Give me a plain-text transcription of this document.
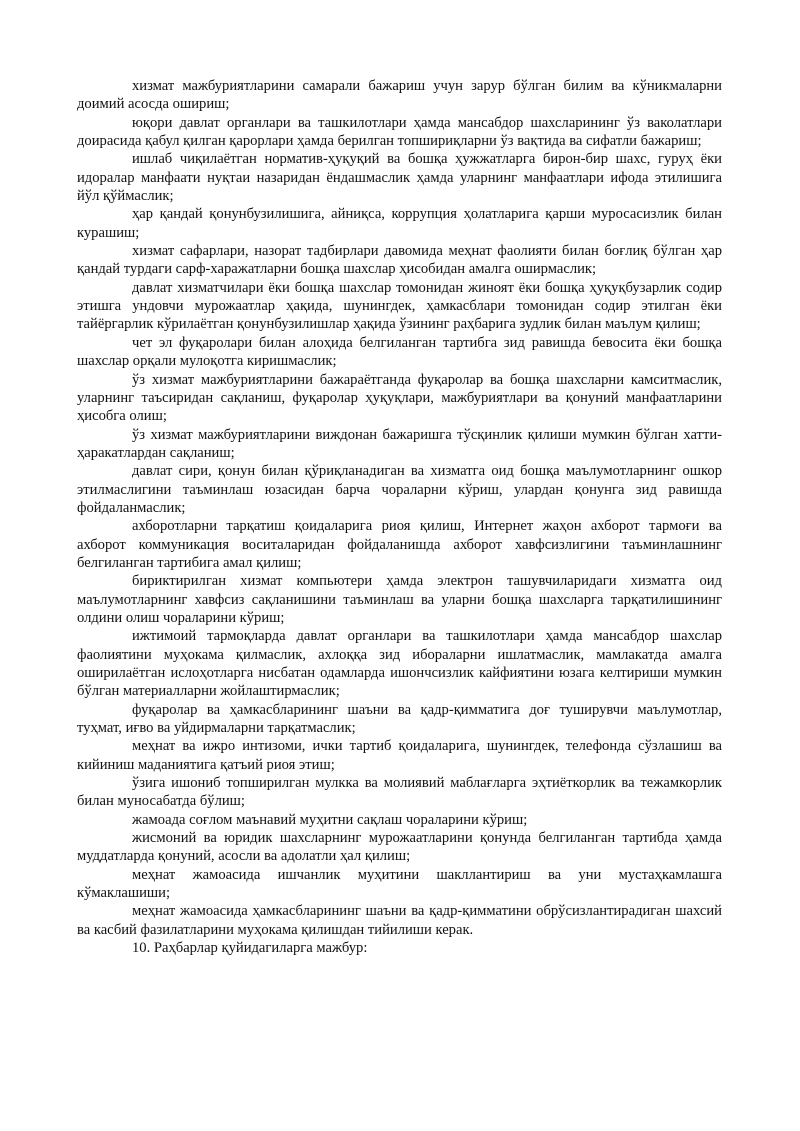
хизмат мажбуриятларини самарали бажариш учун зарур бўлган билим ва кўникмаларни доимий асосда ошириш;

юқори давлат органлари ва ташкилотлари ҳамда мансабдор шахсларининг ўз ваколатлари доирасида қабул қилган қарорлари ҳамда берилган топшириқларни ўз вақтида ва сифатли бажариш;

ишлаб чиқилаётган норматив-ҳуқуқий ва бошқа ҳужжатларга бирон-бир шахс, гуруҳ ёки идоралар манфаати нуқтаи назаридан ёндашмаслик ҳамда уларнинг манфаатлари ифода этилишига йўл қўймаслик;

ҳар қандай қонунбузилишига, айниқса, коррупция ҳолатларига қарши муросасизлик билан курашиш;

хизмат сафарлари, назорат тадбирлари давомида меҳнат фаолияти билан боғлиқ бўлган ҳар қандай турдаги сарф-харажатларни бошқа шахслар ҳисобидан амалга оширмаслик;

давлат хизматчилари ёки бошқа шахслар томонидан жиноят ёки бошқа ҳуқуқбузарлик содир этишга ундовчи мурожаатлар ҳақида, шунингдек, ҳамкасблари томонидан содир этилган ёки тайёргарлик кўрилаётган қонунбузилишлар ҳақида ўзининг раҳбарига зудлик билан маълум қилиш;

чет эл фуқаролари билан алоҳида белгиланган тартибга зид равишда бевосита ёки бошқа шахслар орқали мулоқотга киришмаслик;

ўз хизмат мажбуриятларини бажараётганда фуқаролар ва бошқа шахсларни камситмаслик, уларнинг таъсиридан сақланиш, фуқаролар ҳуқуқлари, мажбуриятлари ва қонуний манфаатларини ҳисобга олиш;

ўз хизмат мажбуриятларини виждонан бажаришга тўсқинлик қилиши мумкин бўлган хатти-ҳаракатлардан сақланиш;

давлат сири, қонун билан қўриқланадиган ва хизматга оид бошқа маълумотларнинг ошкор этилмаслигини таъминлаш юзасидан барча чораларни кўриш, улардан қонунга зид равишда фойдаланмаслик;

ахборотларни тарқатиш қоидаларига риоя қилиш, Интернет жаҳон ахборот тармоғи ва ахборот коммуникация воситаларидан фойдаланишда ахборот хавфсизлигини таъминлашнинг белгиланган тартибига амал қилиш;

бириктирилган хизмат компьютери ҳамда электрон ташувчиларидаги хизматга оид маълумотларнинг хавфсиз сақланишини таъминлаш ва уларни бошқа шахсларга тарқатилишининг олдини олиш чораларини кўриш;

ижтимоий тармоқларда давлат органлари ва ташкилотлари ҳамда мансабдор шахслар фаолиятини муҳокама қилмаслик, ахлоққа зид ибораларни ишлатмаслик, мамлакатда амалга оширилаётган ислоҳотларга нисбатан одамларда ишончсизлик кайфиятини юзага келтириши мумкин бўлган материалларни жойлаштирмаслик;

фуқаролар ва ҳамкасбларининг шаъни ва қадр-қимматига доғ туширувчи маълумотлар, туҳмат, иғво ва уйдирмаларни тарқатмаслик;

меҳнат ва ижро интизоми, ички тартиб қоидаларига, шунингдек, телефонда сўзлашиш ва кийиниш маданиятига қатъий риоя этиш;

ўзига ишониб топширилган мулкка ва молиявий маблағларга эҳтиёткорлик ва тежамкорлик билан муносабатда бўлиш;

жамоада соғлом маънавий муҳитни сақлаш чораларини кўриш;

жисмоний ва юридик шахсларнинг мурожаатларини қонунда белгиланган тартибда ҳамда муддатларда қонуний, асосли ва адолатли ҳал қилиш;

меҳнат жамоасида ишчанлик муҳитини шакллантириш ва уни мустаҳкамлашга кўмаклашиши;

меҳнат жамоасида ҳамкасбларининг шаъни ва қадр-қимматини обрўсизлантирадиган шахсий ва касбий фазилатларини муҳокама қилишдан тийилиши керак.

10. Раҳбарлар қуйидагиларга мажбур:
